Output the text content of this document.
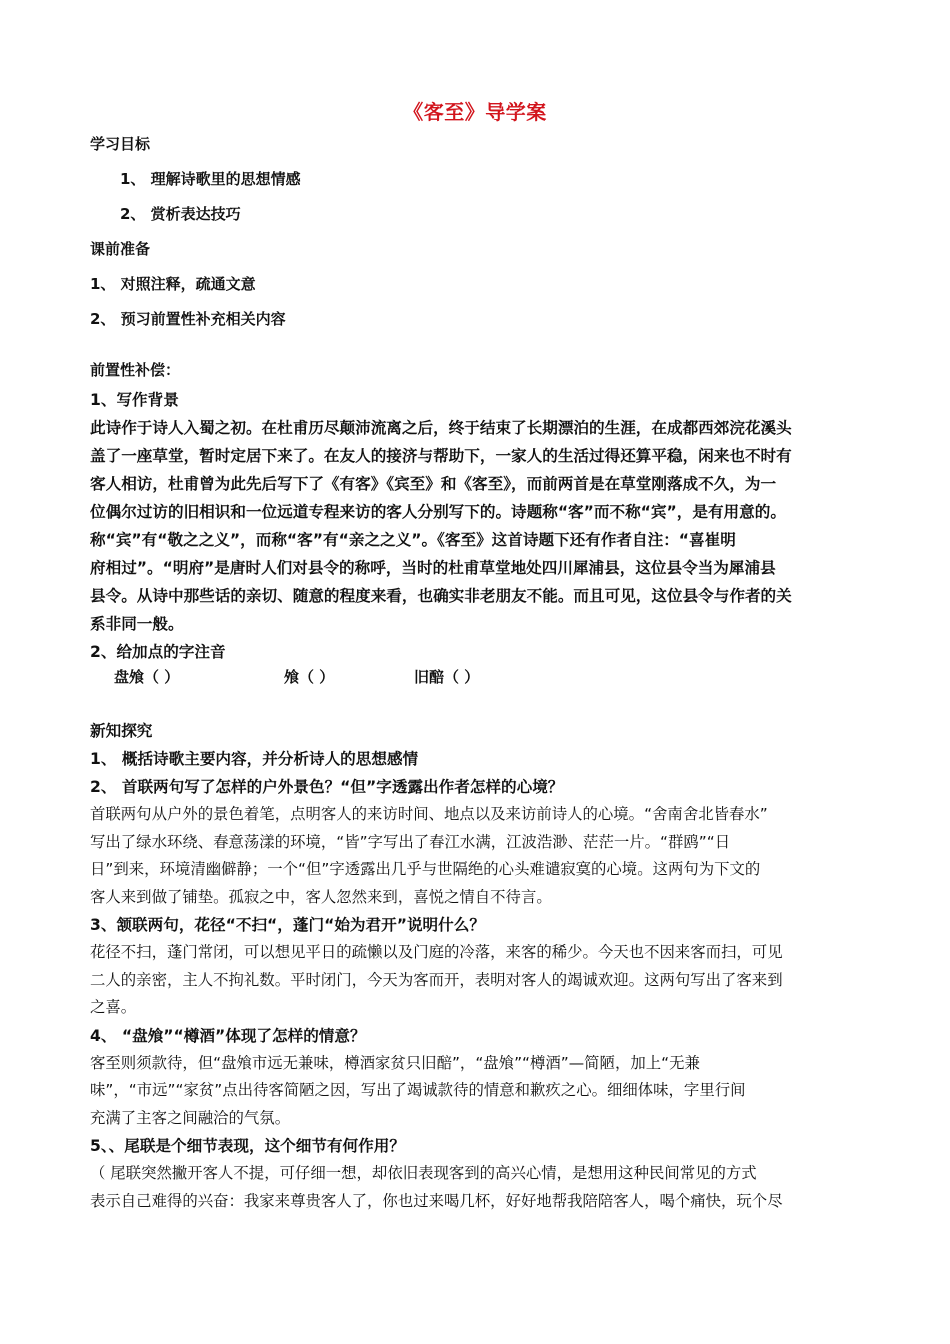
《客至》导学案

学习目标

1、 理解诗歌里的思想情感

2、 赏析表达技巧

课前准备

1、 对照注释，疏通文意

2、 预习前置性补充相关内容

前置性补偿：

1、写作背景

此诗作于诗人入蜀之初。在杜甫历尽颠沛流离之后，终于结束了长期漂泊的生涯，在成都西郊浣花溪头

盖了一座草堂，暂时定居下来了。在友人的接济与帮助下，一家人的生活过得还算平稳，闲来也不时有

客人相访，杜甫曾为此先后写下了《有客》《宾至》和《客至》，而前两首是在草堂刚落成不久，为一

位偶尔过访的旧相识和一位远道专程来访的客人分别写下的。诗题称“客”而不称“宾”，是有用意的。

称“宾”有“敬之之义”，而称“客”有“亲之之义”。《客至》这首诗题下还有作者自注：“喜崔明

府相过”。“明府”是唐时人们对县令的称呼，当时的杜甫草堂地处四川犀浦县，这位县令当为犀浦县

县令。从诗中那些话的亲切、随意的程度来看，也确实非老朋友不能。而且可见，这位县令与作者的关

系非同一般。

2、给加点的字注音

盘飧（ ）	飧（ ）	旧醅（ ）

新知探究

1、 概括诗歌主要内容，并分析诗人的思想感情

2、 首联两句写了怎样的户外景色？“但”字透露出作者怎样的心境？

首联两句从户外的景色着笔，点明客人的来访时间、地点以及来访前诗人的心境。“舍南舍北皆春水”

写出了绿水环绕、春意荡漾的环境，“皆”字写出了春江水满，江波浩渺、茫茫一片。“群鸥”“日

日”到来，环境清幽僻静；一个“但”字透露出几乎与世隔绝的心头难谴寂寞的心境。这两句为下文的

客人来到做了铺垫。孤寂之中，客人忽然来到，喜悦之情自不待言。

3、颔联两句，花径“不扫“，蓬门“始为君开”说明什么？

花径不扫，蓬门常闭，可以想见平日的疏懒以及门庭的冷落，来客的稀少。今天也不因来客而扫，可见

二人的亲密，主人不拘礼数。平时闭门，今天为客而开，表明对客人的竭诚欢迎。这两句写出了客来到

之喜。

4、 “盘飧”“樽酒”体现了怎样的情意？

客至则须款待，但“盘飧市远无兼味，樽酒家贫只旧醅”，“盘飧”“樽酒”—简陋，加上“无兼

味”，“市远”“家贫”点出待客简陋之因，写出了竭诚款待的情意和歉疚之心。细细体味，字里行间

充满了主客之间融洽的气氛。

5、、尾联是个细节表现，这个细节有何作用？

（ 尾联突然撇开客人不提，可仔细一想，却依旧表现客到的高兴心情，是想用这种民间常见的方式

表示自己难得的兴奋：我家来尊贵客人了，你也过来喝几杯，好好地帮我陪陪客人，喝个痛快，玩个尽
